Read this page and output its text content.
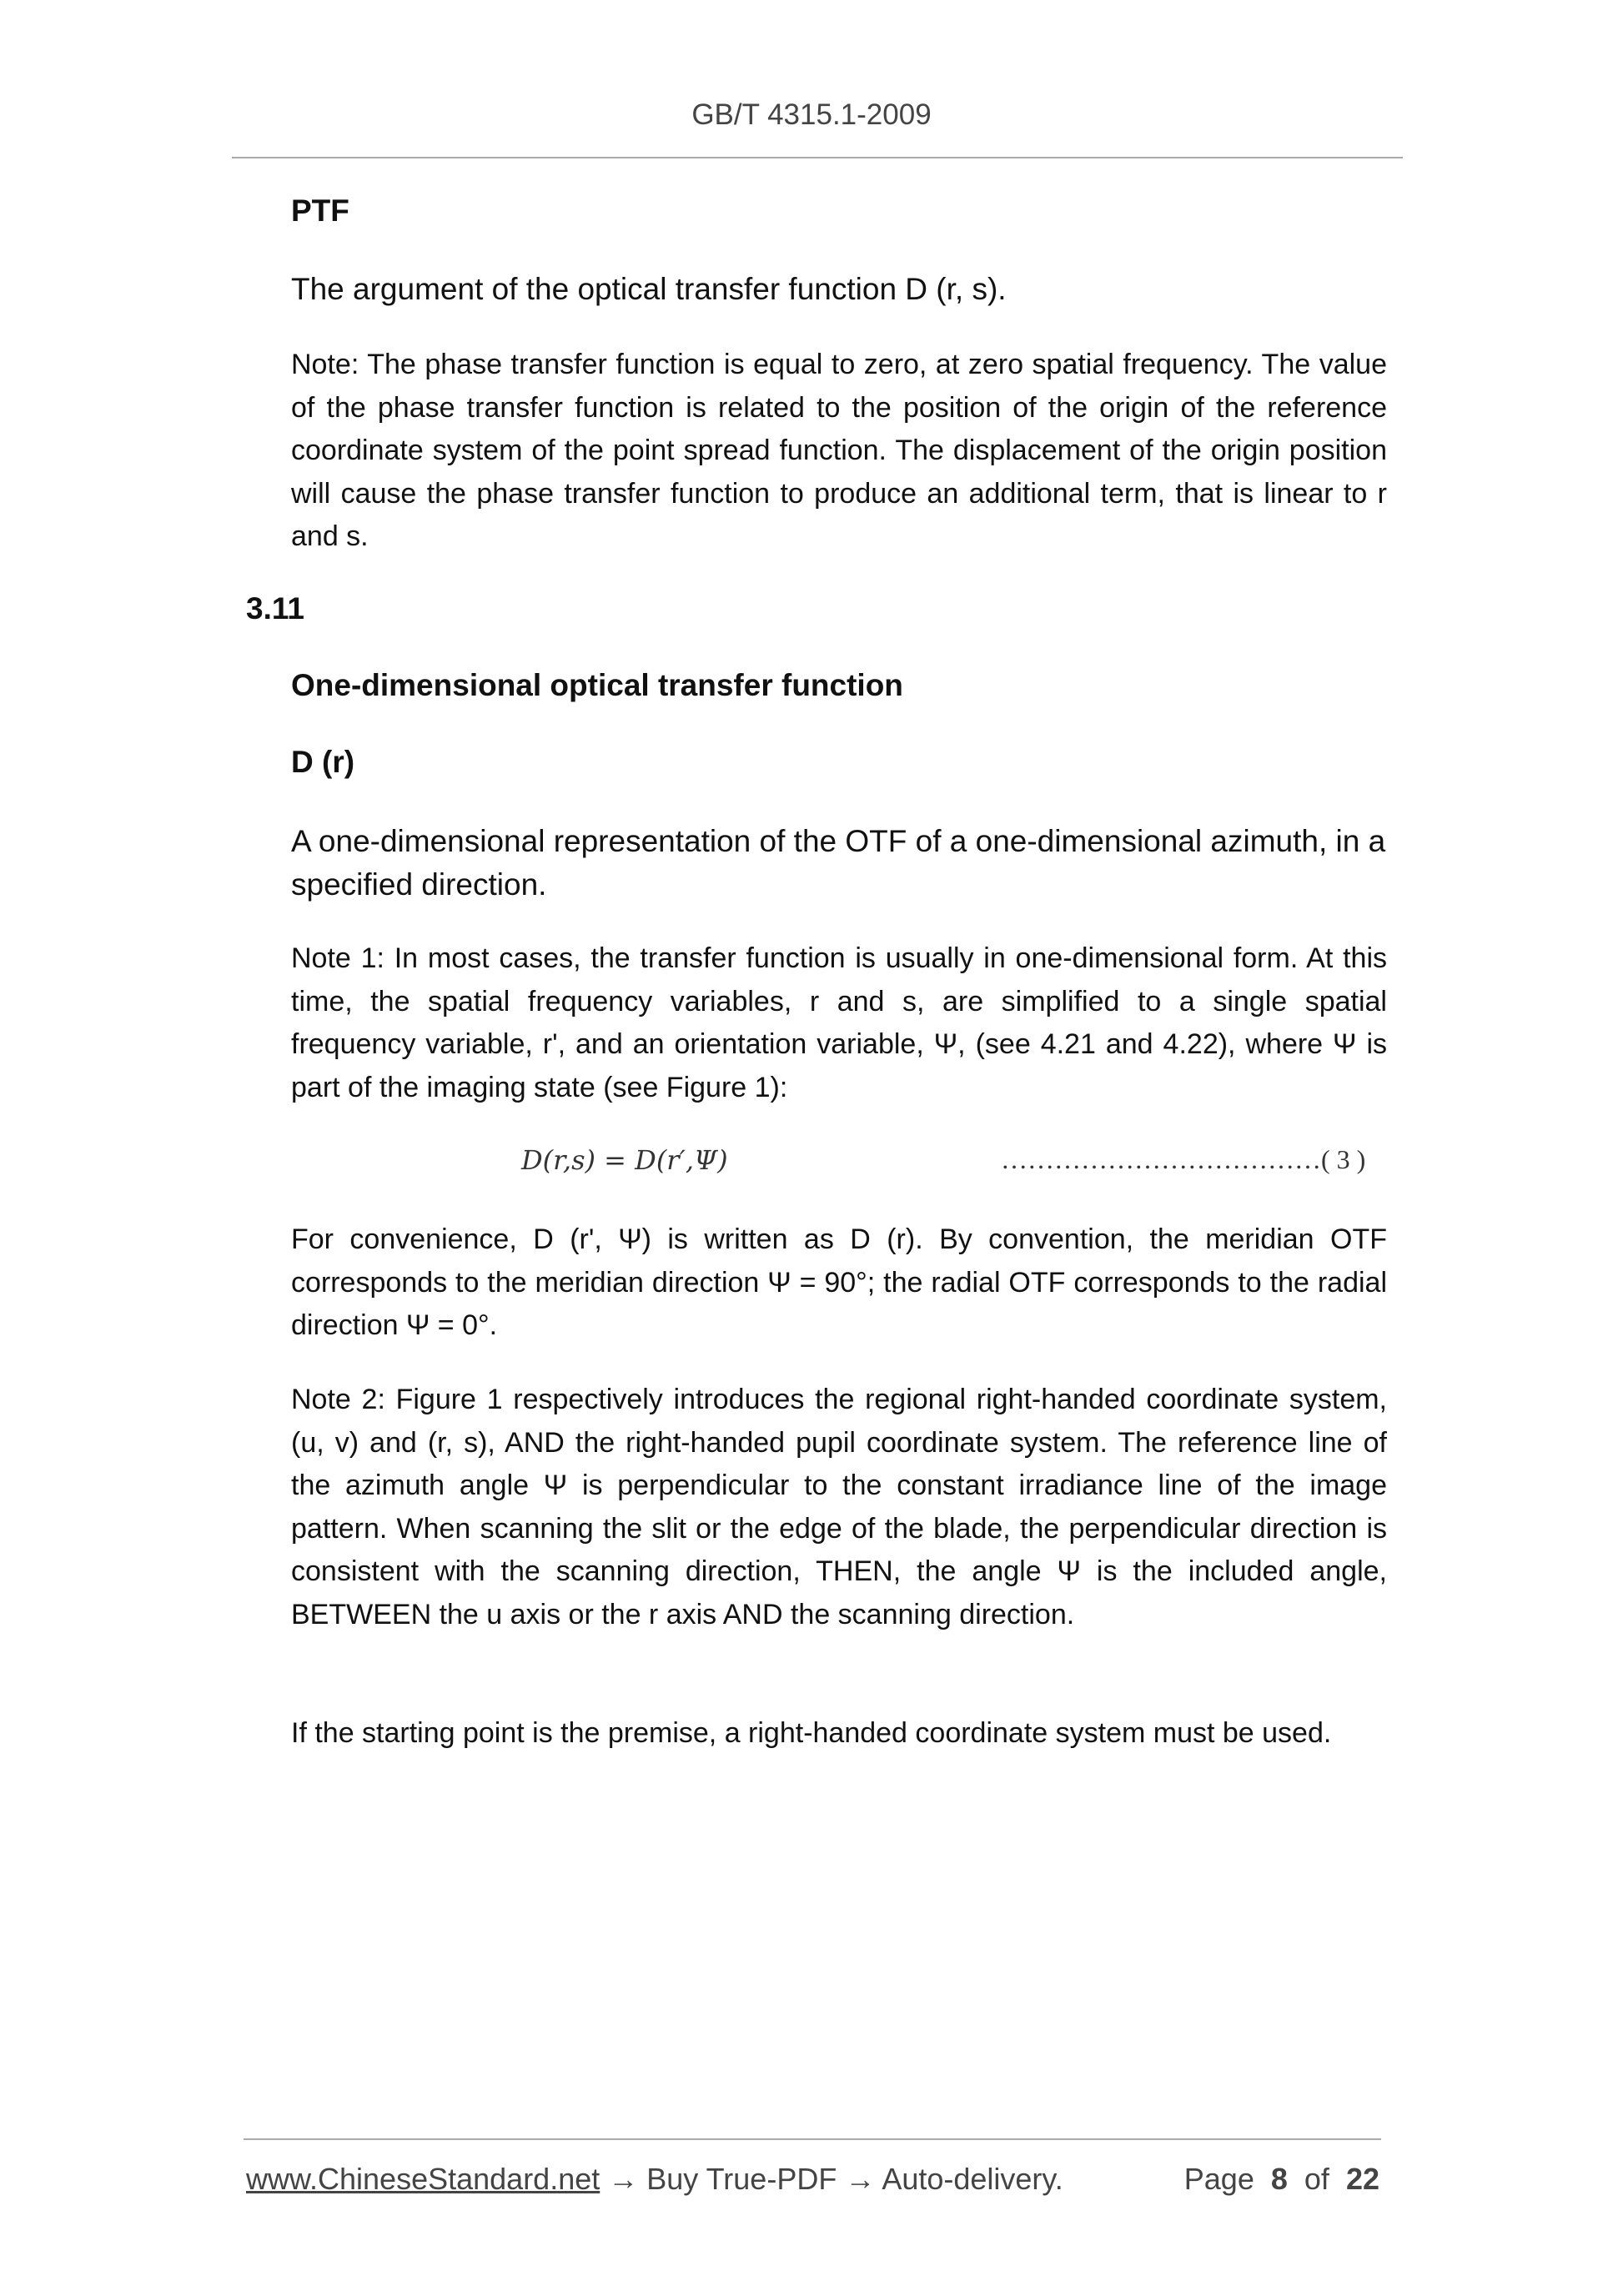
GB/T 4315.1-2009

PTF

The argument of the optical transfer function D (r, s).

Note: The phase transfer function is equal to zero, at zero spatial frequency. The value of the phase transfer function is related to the position of the origin of the reference coordinate system of the point spread function. The displacement of the origin position will cause the phase transfer function to produce an additional term, that is linear to r and s.

3.11

One-dimensional optical transfer function

D (r)

A one-dimensional representation of the OTF of a one-dimensional azimuth, in a specified direction.

Note 1: In most cases, the transfer function is usually in one-dimensional form. At this time, the spatial frequency variables, r and s, are simplified to a single spatial frequency variable, r', and an orientation variable, Ψ, (see 4.21 and 4.22), where Ψ is part of the imaging state (see Figure 1):

D(r,s) = D(r′,Ψ)	………………………………( 3 )

For convenience, D (r', Ψ) is written as D (r). By convention, the meridian OTF corresponds to the meridian direction Ψ = 90°; the radial OTF corresponds to the radial direction Ψ = 0°.

Note 2: Figure 1 respectively introduces the regional right-handed coordinate system, (u, v) and (r, s), AND the right-handed pupil coordinate system. The reference line of the azimuth angle Ψ is perpendicular to the constant irradiance line of the image pattern. When scanning the slit or the edge of the blade, the perpendicular direction is consistent with the scanning direction, THEN, the angle Ψ is the included angle, BETWEEN the u axis or the r axis AND the scanning direction.

If the starting point is the premise, a right-handed coordinate system must be used.

www.ChineseStandard.net → Buy True-PDF → Auto-delivery.	Page 8 of 22
